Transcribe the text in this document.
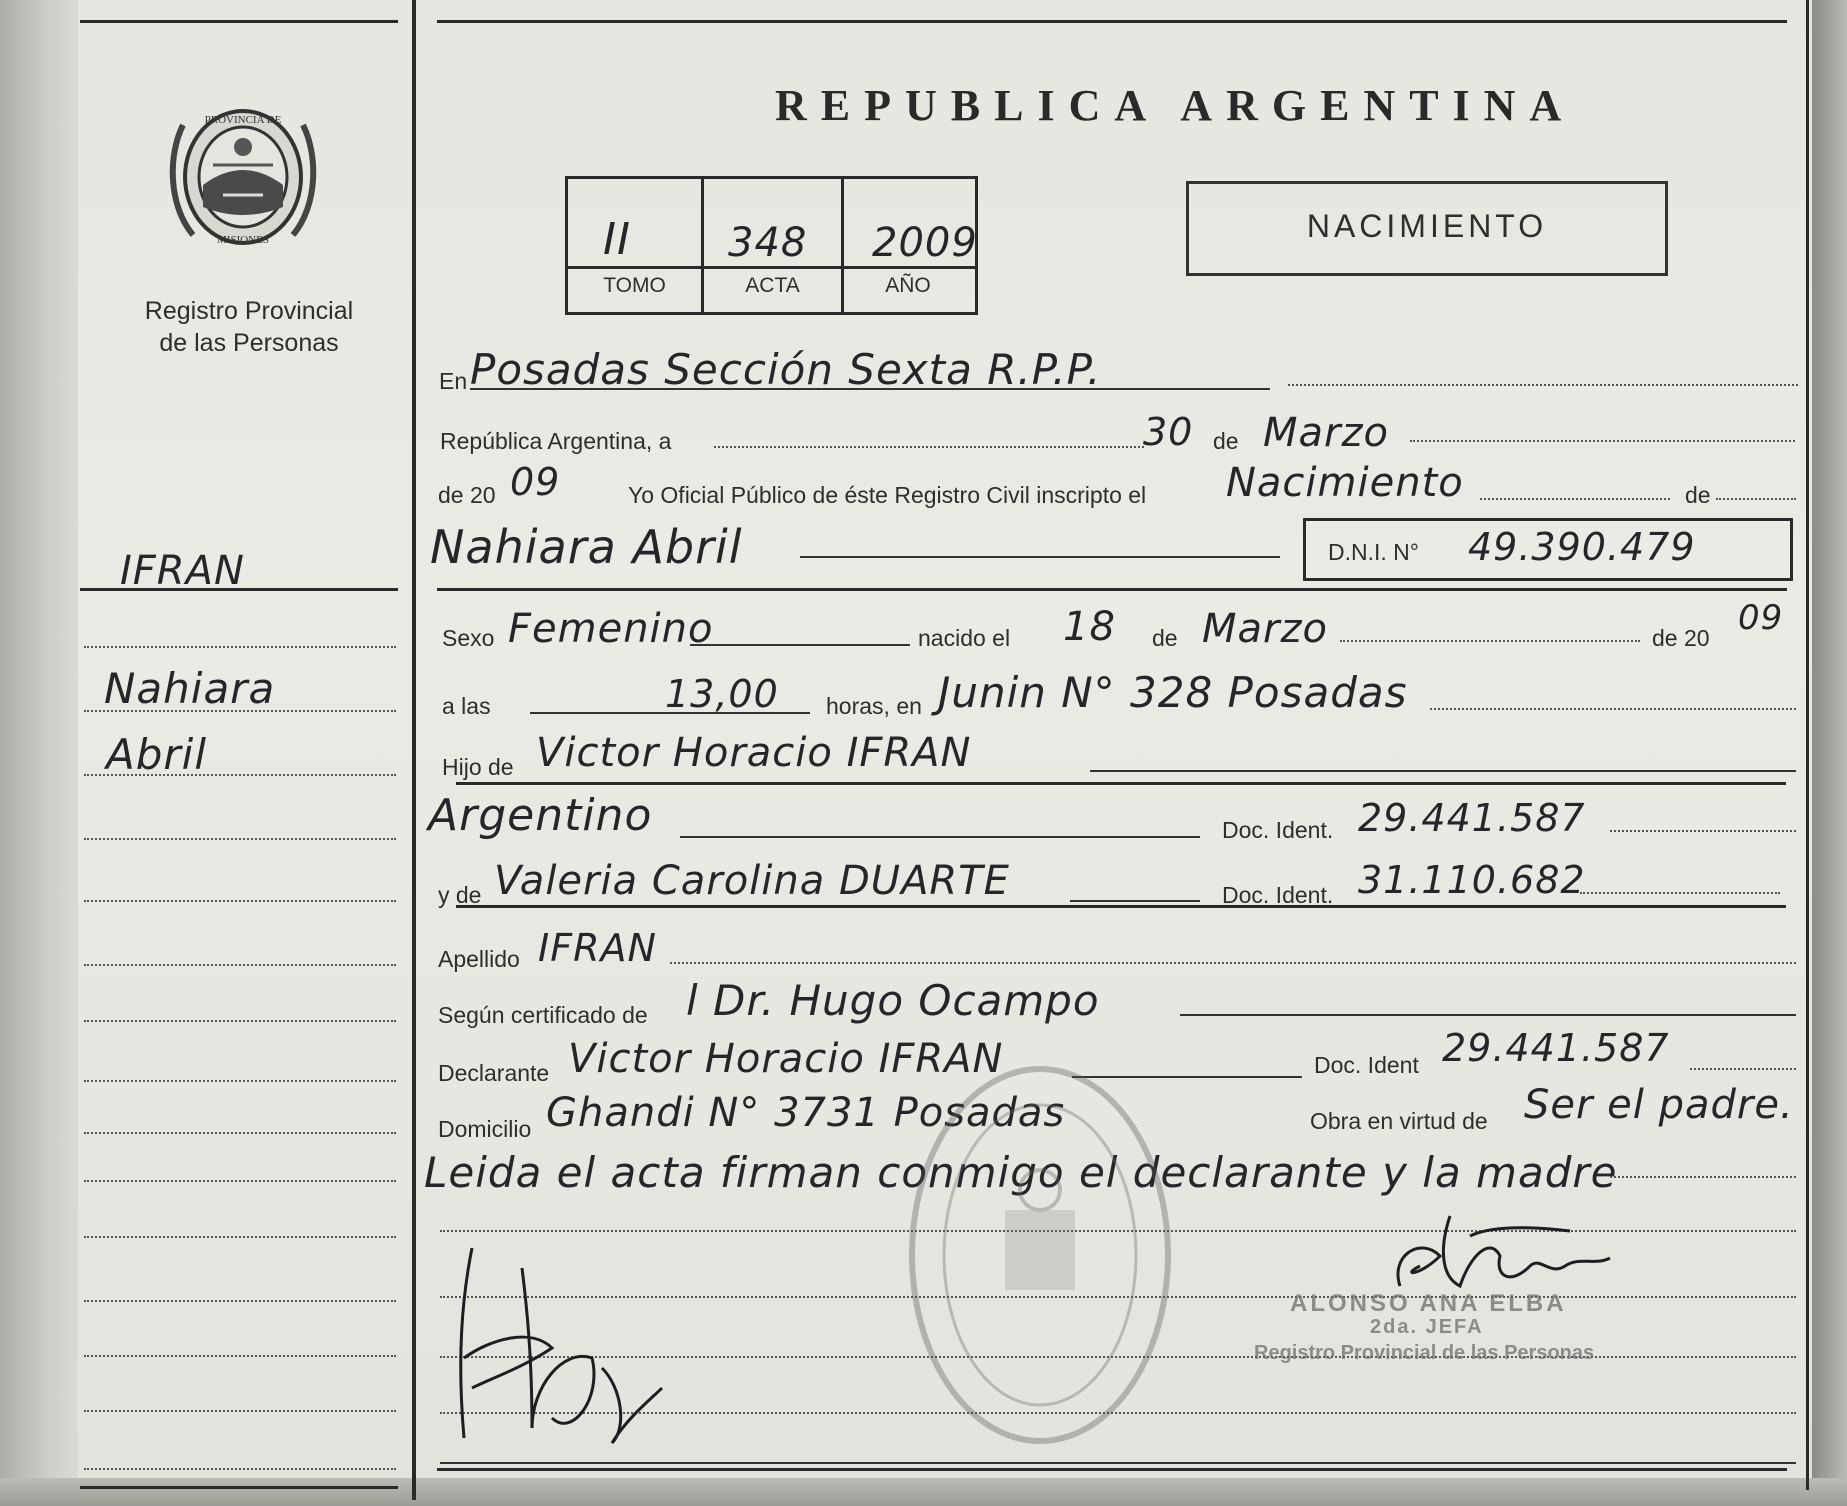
PROVINCIA DE
MISIONES
Registro Provincial
de las Personas
REPUBLICA ARGENTINA
II 348 2009
TOMO	ACTA	AÑO
NACIMIENTO
IFRAN
Nahiara
Abril
En Posadas Sección Sexta R.P.P.
República Argentina, a	30 de Marzo
de 20 09	Yo Oficial Público de éste Registro Civil inscripto el Nacimiento	de
Nahiara Abril	D.N.I. N° 49.390.479
Sexo Femenino	nacido el 18 de Marzo	de 20 09
a las	13,00 horas, en Junin N° 328 Posadas
Hijo de Victor Horacio IFRAN
Argentino	Doc. Ident. 29.441.587
y de Valeria Carolina DUARTE	Doc. Ident. 31.110.682
Apellido IFRAN
Según certificado de l Dr. Hugo Ocampo
Declarante Victor Horacio IFRAN	Doc. Ident 29.441.587
Domicilio Ghandi N° 3731 Posadas	Obra en virtud de Ser el padre.
Leida el acta firman conmigo el declarante y la madre
ALONSO ANA ELBA
2da. JEFA
Registro Provincial de las Personas
